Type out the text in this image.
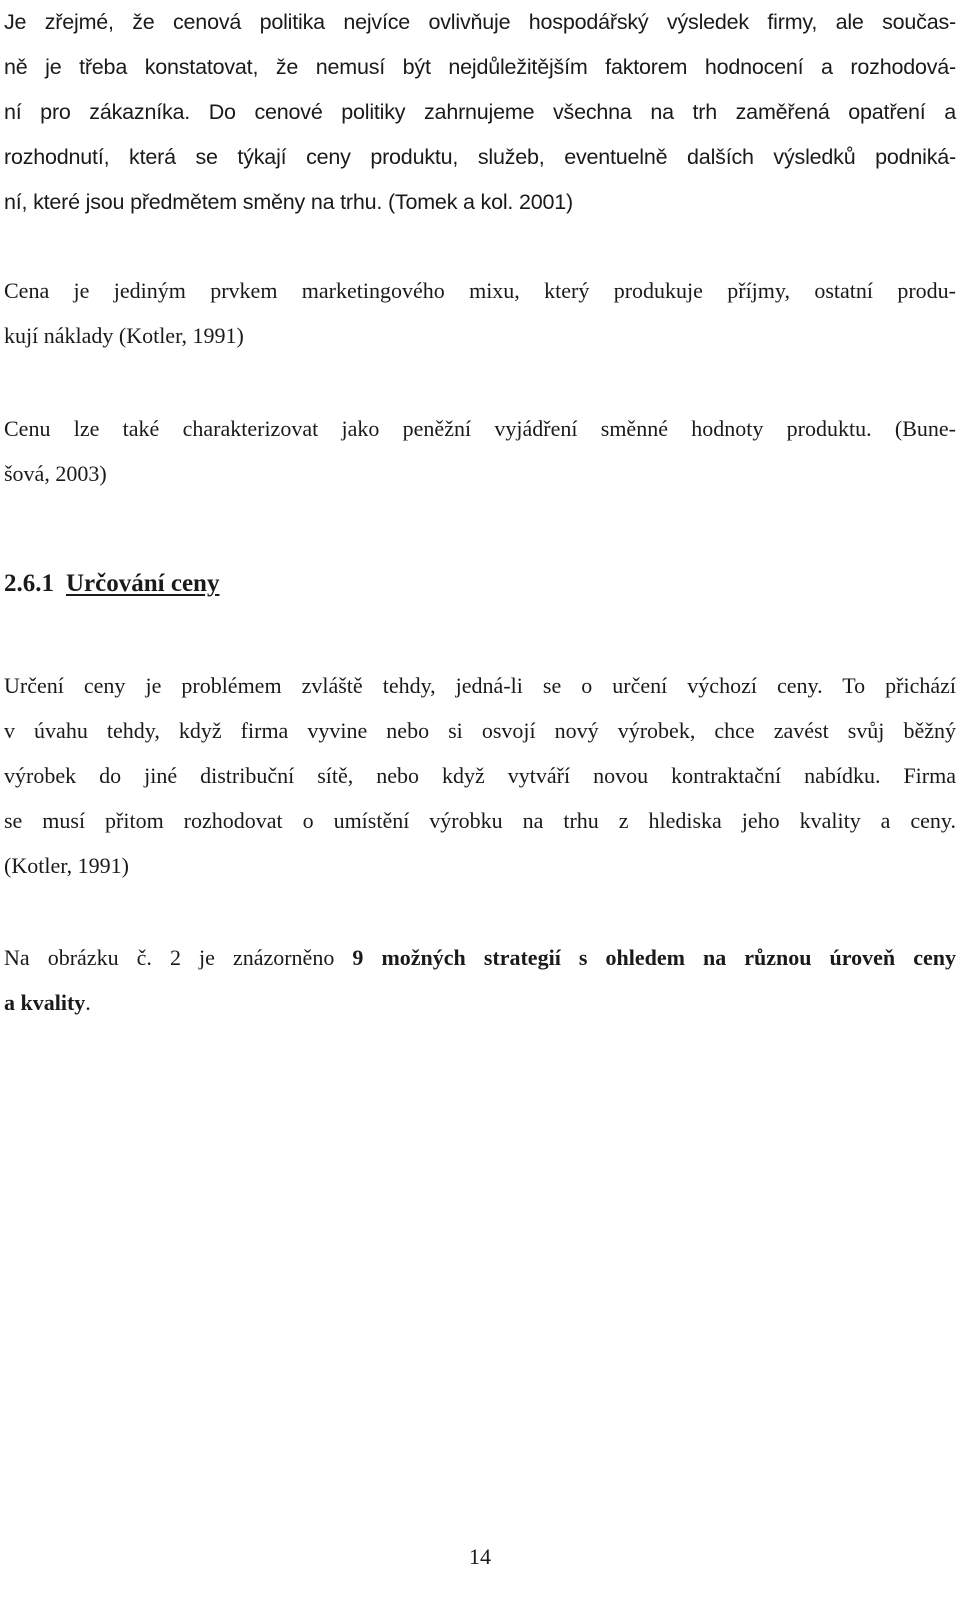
Je zřejmé, že cenová politika nejvíce ovlivňuje hospodářský výsledek firmy, ale součas-
ně je třeba konstatovat, že nemusí být nejdůležitějším faktorem hodnocení a rozhodová-
ní pro zákazníka. Do cenové politiky zahrnujeme všechna na trh zaměřená opatření a
rozhodnutí, která se týkají ceny produktu, služeb, eventuelně dalších výsledků podniká-
ní, které jsou předmětem směny na trhu. (Tomek a kol. 2001)

Cena je jediným prvkem marketingového mixu, který produkuje příjmy, ostatní produ-
kují náklady (Kotler, 1991)

Cenu lze také charakterizovat jako peněžní vyjádření směnné hodnoty produktu. (Bune-
šová, 2003)

2.6.1 Určování ceny

Určení ceny je problémem zvláště tehdy, jedná-li se o určení výchozí ceny. To přichází
v úvahu tehdy, když firma vyvine nebo si osvojí nový výrobek, chce zavést svůj běžný
výrobek do jiné distribuční sítě, nebo když vytváří novou kontraktační nabídku. Firma
se musí přitom rozhodovat o umístění výrobku na trhu z hlediska jeho kvality a ceny.
(Kotler, 1991)

Na obrázku č. 2 je znázorněno 9 možných strategií s ohledem na různou úroveň ceny
a kvality.

14
